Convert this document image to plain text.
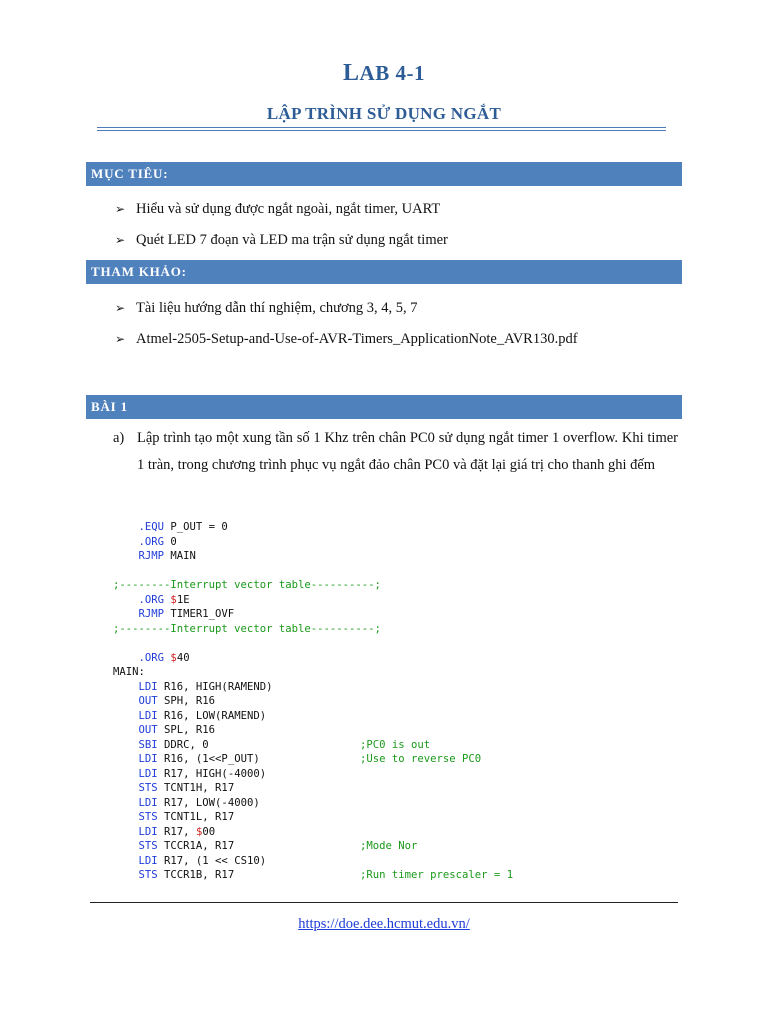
LAB 4-1
LẬP TRÌNH SỬ DỤNG NGẮT
MỤC TIÊU:
➢ Hiểu và sử dụng được ngắt ngoài, ngắt timer, UART
➢ Quét LED 7 đoạn và LED ma trận sử dụng ngắt timer
THAM KHẢO:
➢ Tài liệu hướng dẫn thí nghiệm, chương 3, 4, 5, 7
➢ Atmel-2505-Setup-and-Use-of-AVR-Timers_ApplicationNote_AVR130.pdf
BÀI 1
a) Lập trình tạo một xung tần số 1 Khz trên chân PC0 sử dụng ngắt timer 1 overflow. Khi timer 1 tràn, trong chương trình phục vụ ngắt đảo chân PC0 và đặt lại giá trị cho thanh ghi đếm
.EQU P_OUT = 0
.ORG 0
RJMP MAIN
;--------Interrupt vector table----------;
.ORG $1E
RJMP TIMER1_OVF
;--------Interrupt vector table----------;
.ORG $40
MAIN:
LDI R16, HIGH(RAMEND)
OUT SPH, R16
LDI R16, LOW(RAMEND)
OUT SPL, R16
SBI DDRC, 0	;PC0 is out
LDI R16, (1<<P_OUT)	;Use to reverse PC0
LDI R17, HIGH(-4000)
STS TCNT1H, R17
LDI R17, LOW(-4000)
STS TCNT1L, R17
LDI R17, $00
STS TCCR1A, R17	;Mode Nor
LDI R17, (1 << CS10)
STS TCCR1B, R17	;Run timer prescaler = 1
https://doe.dee.hcmut.edu.vn/
